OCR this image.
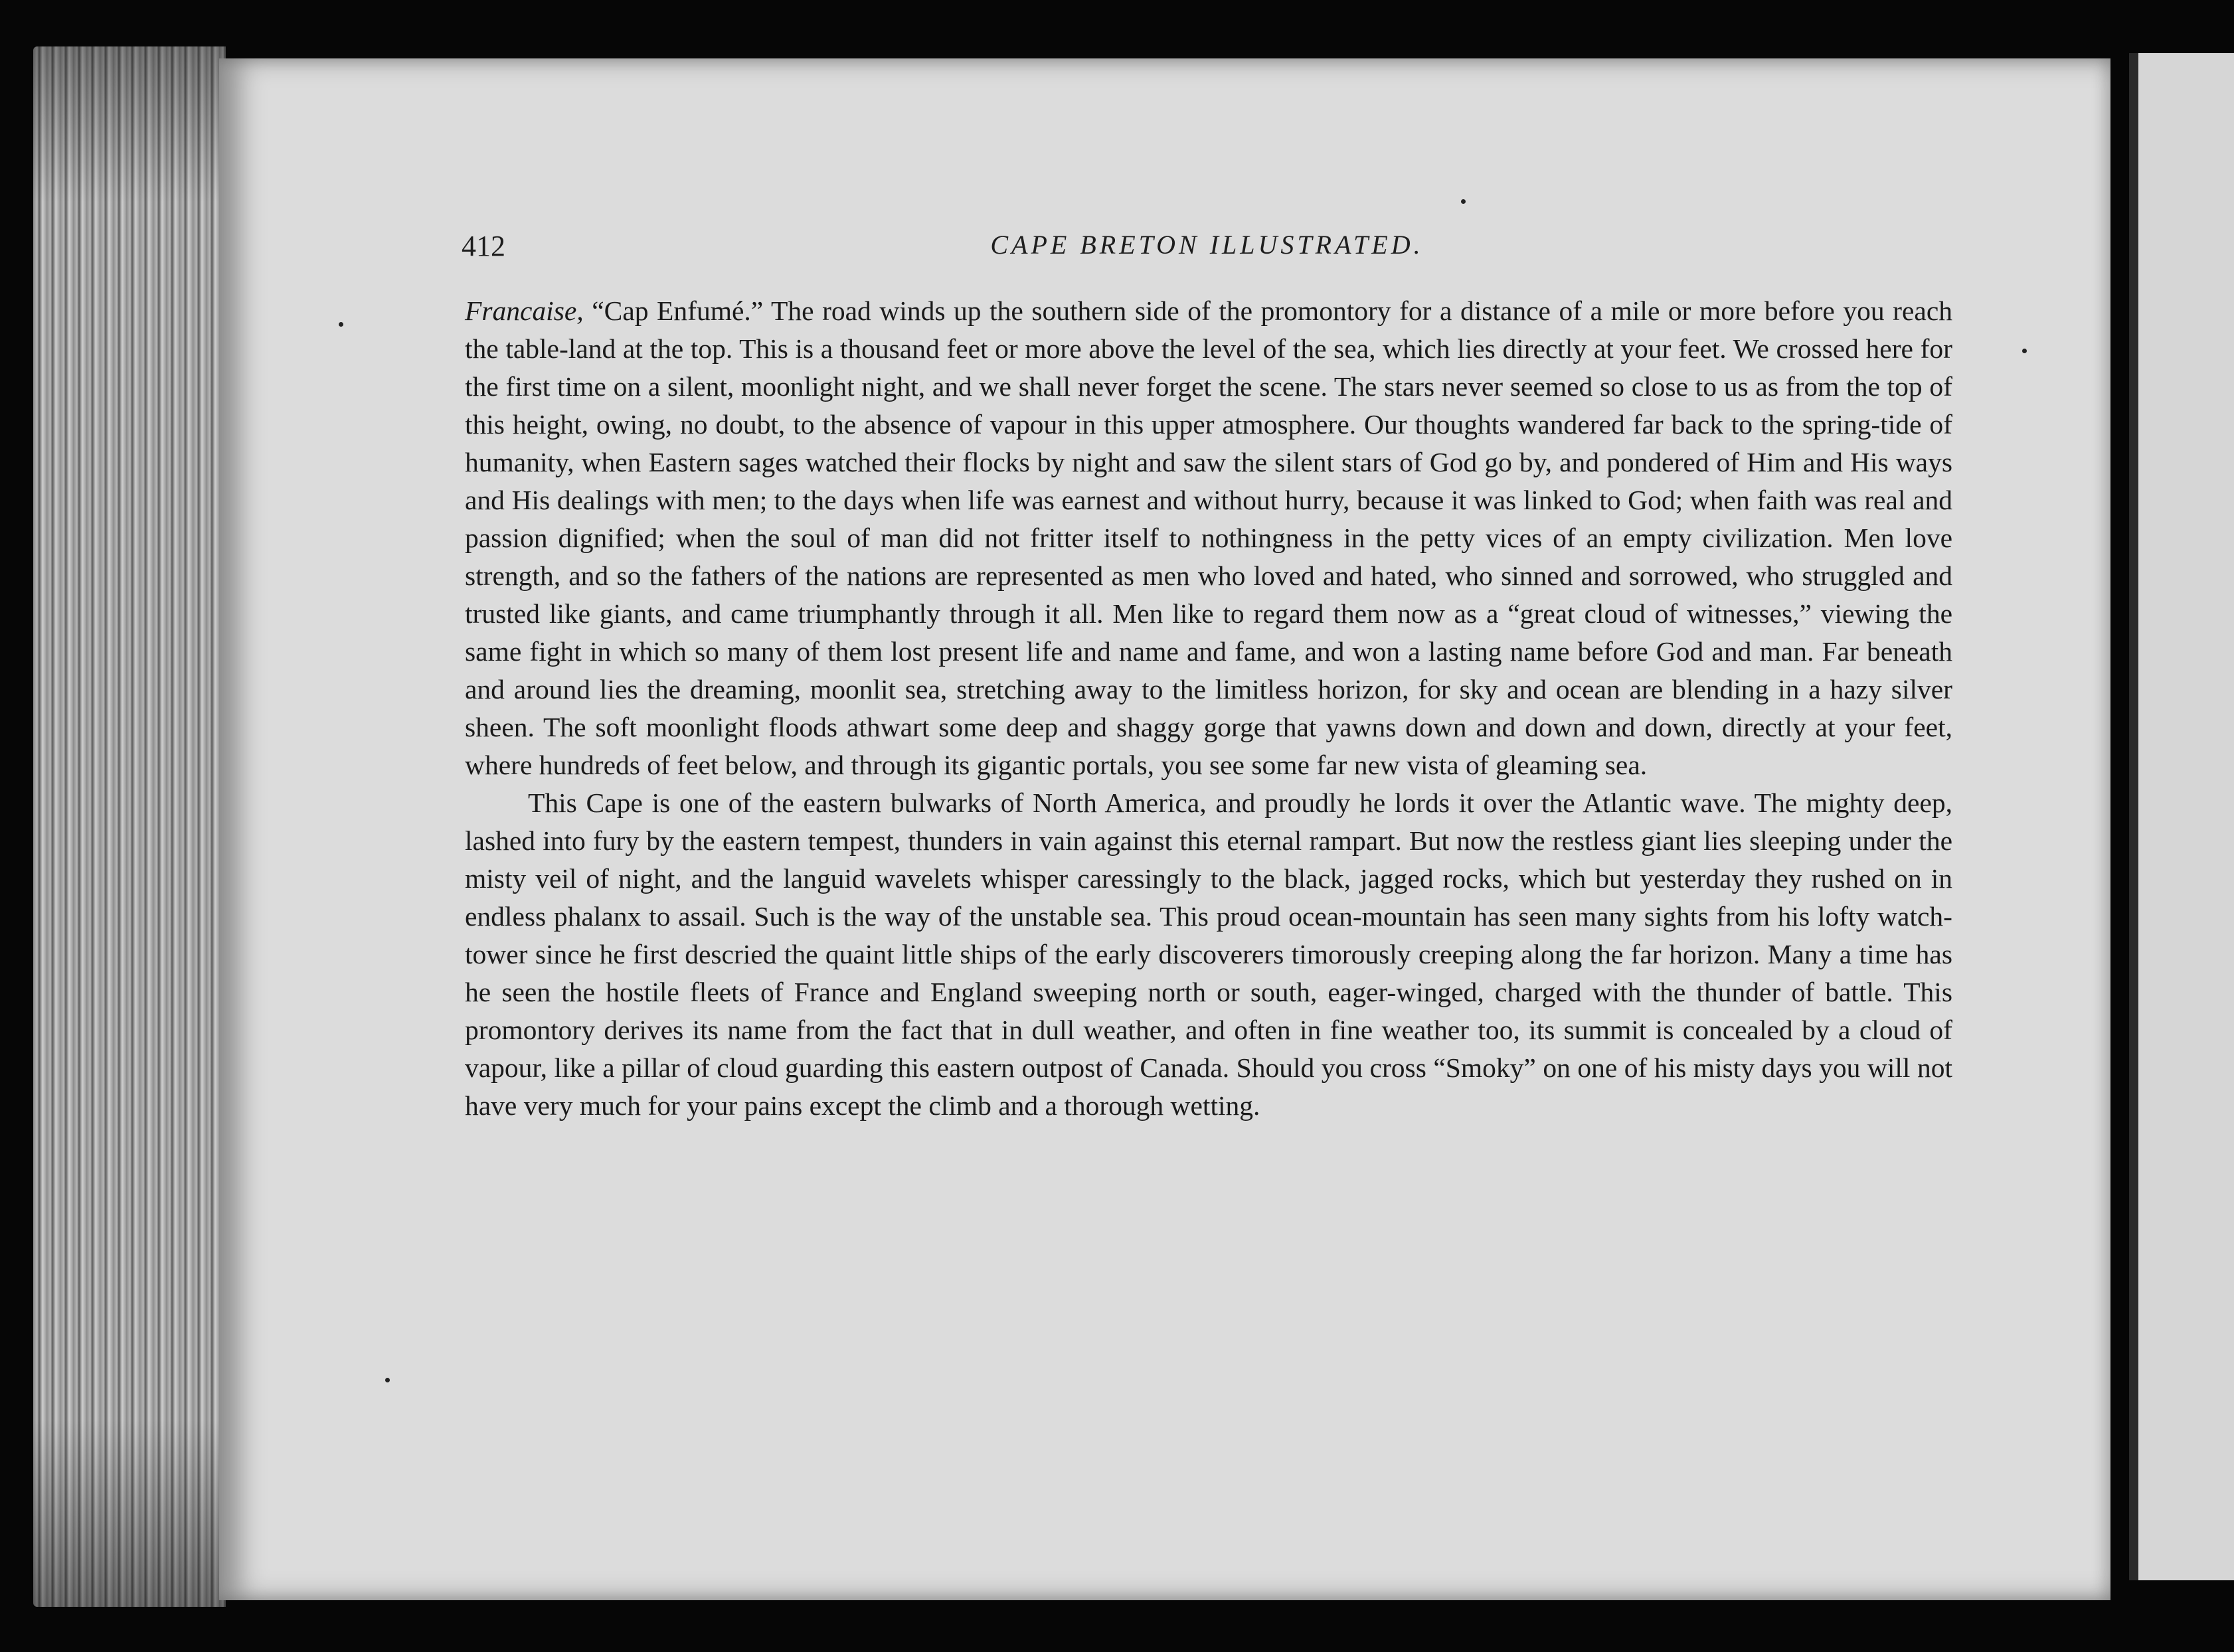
412	CAPE BRETON ILLUSTRATED.

Francaise, “Cap Enfumé.” The road winds up the southern side of the promontory for a distance of a mile or more before you reach the table-land at the top. This is a thousand feet or more above the level of the sea, which lies directly at your feet. We crossed here for the first time on a silent, moonlight night, and we shall never forget the scene. The stars never seemed so close to us as from the top of this height, owing, no doubt, to the absence of vapour in this upper atmosphere. Our thoughts wandered far back to the spring-tide of humanity, when Eastern sages watched their flocks by night and saw the silent stars of God go by, and pondered of Him and His ways and His dealings with men; to the days when life was earnest and without hurry, because it was linked to God; when faith was real and passion dignified; when the soul of man did not fritter itself to nothingness in the petty vices of an empty civilization. Men love strength, and so the fathers of the nations are represented as men who loved and hated, who sinned and sorrowed, who struggled and trusted like giants, and came triumphantly through it all. Men like to regard them now as a “great cloud of witnesses,” viewing the same fight in which so many of them lost present life and name and fame, and won a lasting name before God and man. Far beneath and around lies the dreaming, moonlit sea, stretching away to the limitless horizon, for sky and ocean are blending in a hazy silver sheen. The soft moonlight floods athwart some deep and shaggy gorge that yawns down and down and down, directly at your feet, where hundreds of feet below, and through its gigantic portals, you see some far new vista of gleaming sea.

This Cape is one of the eastern bulwarks of North America, and proudly he lords it over the Atlantic wave. The mighty deep, lashed into fury by the eastern tempest, thunders in vain against this eternal rampart. But now the restless giant lies sleeping under the misty veil of night, and the languid wavelets whisper caressingly to the black, jagged rocks, which but yesterday they rushed on in endless phalanx to assail. Such is the way of the unstable sea. This proud ocean-mountain has seen many sights from his lofty watch-tower since he first descried the quaint little ships of the early discoverers timorously creeping along the far horizon. Many a time has he seen the hostile fleets of France and England sweeping north or south, eager-winged, charged with the thunder of battle. This promontory derives its name from the fact that in dull weather, and often in fine weather too, its summit is concealed by a cloud of vapour, like a pillar of cloud guarding this eastern outpost of Canada. Should you cross “Smoky” on one of his misty days you will not have very much for your pains except the climb and a thorough wetting.
